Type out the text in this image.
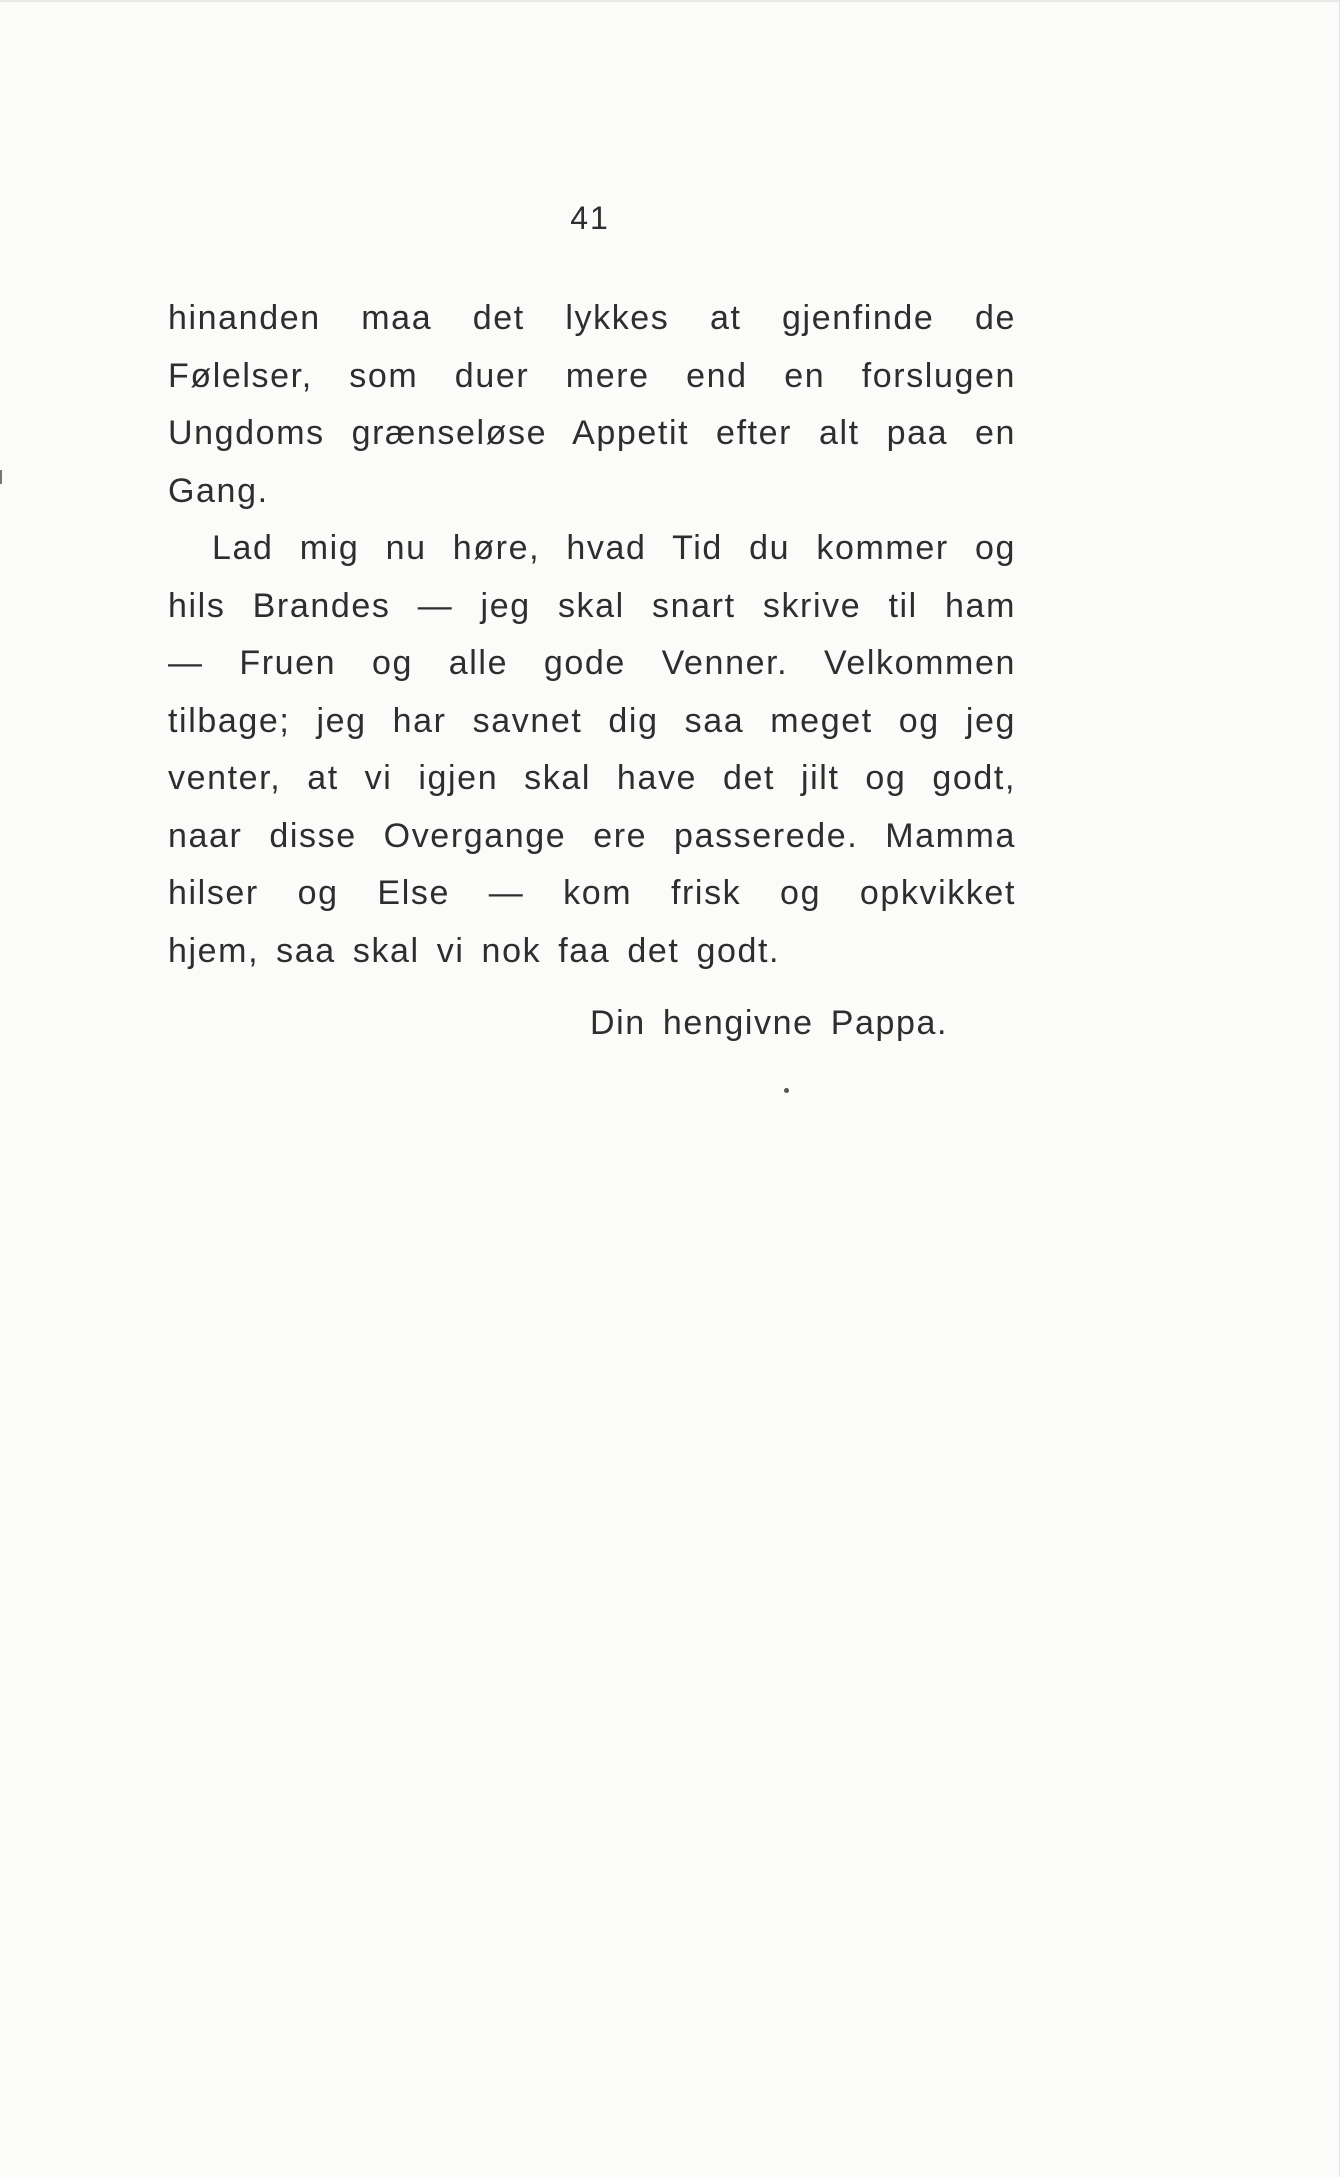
41
hinanden maa det lykkes at gjenfinde de
Følelser, som duer mere end en forslugen
Ungdoms grænseløse Appetit efter alt paa en
Gang.
Lad mig nu høre, hvad Tid du kommer og
hils Brandes — jeg skal snart skrive til ham
— Fruen og alle gode Venner. Velkommen
tilbage; jeg har savnet dig saa meget og jeg
venter, at vi igjen skal have det jilt og godt,
naar disse Overgange ere passerede. Mamma
hilser og Else — kom frisk og opkvikket
hjem, saa skal vi nok faa det godt.
Din hengivne Pappa.
